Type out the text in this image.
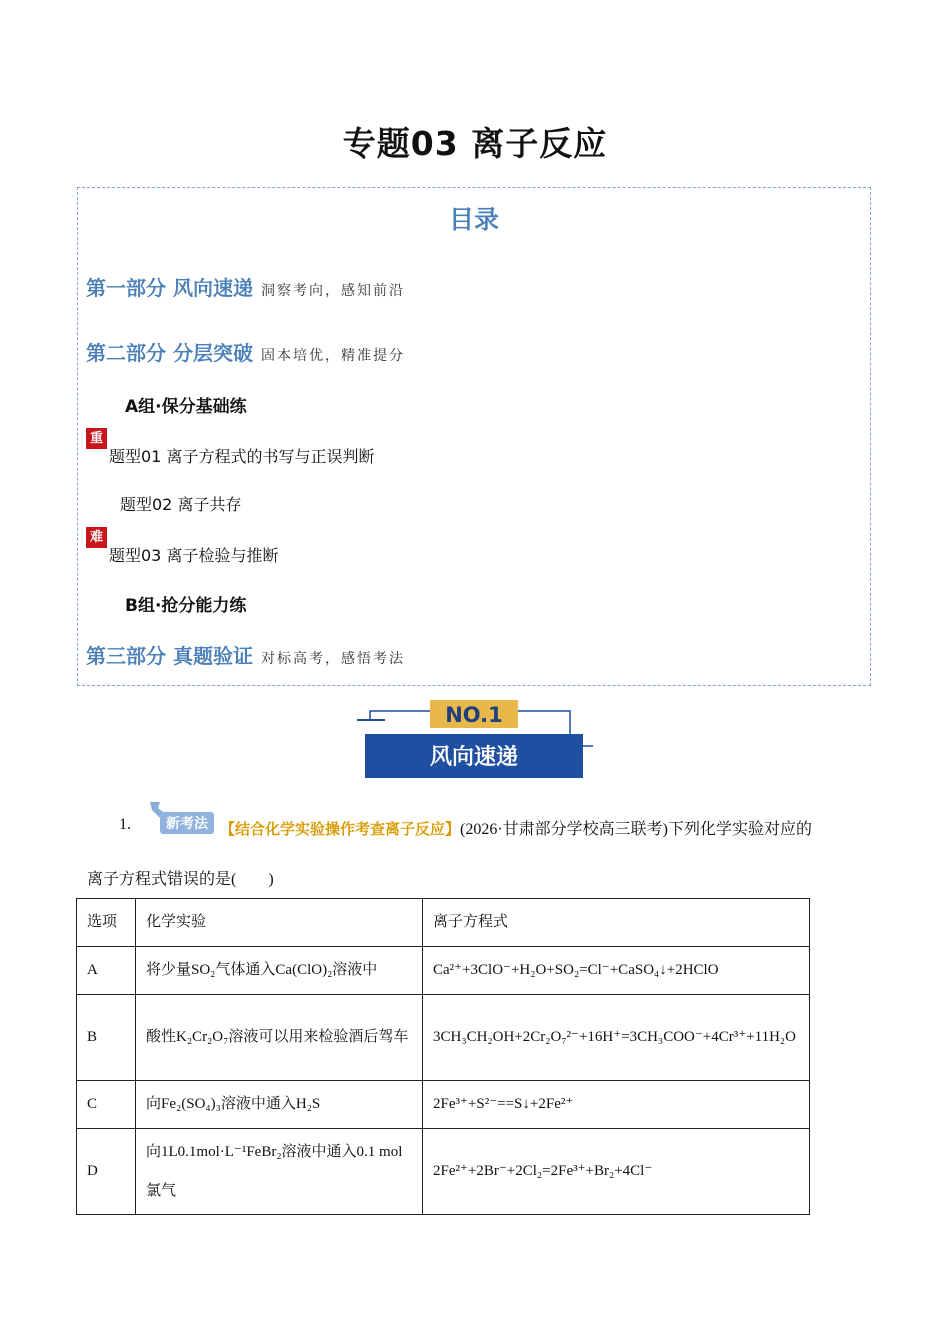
专题03 离子反应
目录
第一部分 风向速递 洞察考向，感知前沿
第二部分 分层突破 固本培优，精准提分
A组·保分基础练
重
题型01 离子方程式的书写与正误判断
题型02 离子共存
难
题型03 离子检验与推断
B组·抢分能力练
第三部分 真题验证 对标高考，感悟考法
NO.1
风向速递
1.	新考法 【结合化学实验操作考查离子反应】(2026·甘肃部分学校高三联考)下列化学实验对应的
离子方程式错误的是(　　)
选项	化学实验	离子方程式
A	将少量SO₂气体通入Ca(ClO)₂溶液中	Ca²⁺+3ClO⁻+H₂O+SO₂=Cl⁻+CaSO₄↓+2HClO
B	酸性K₂Cr₂O₇溶液可以用来检验酒后驾车	3CH₃CH₂OH+2Cr₂O₇²⁻+16H⁺=3CH₃COO⁻+4Cr³⁺+11H₂O
C	向Fe₂(SO₄)₃溶液中通入H₂S	2Fe³⁺+S²⁻==S↓+2Fe²⁺
D	向1L0.1mol·L⁻¹FeBr₂溶液中通入0.1 mol氯气	2Fe²⁺+2Br⁻+2Cl₂=2Fe³⁺+Br₂+4Cl⁻
